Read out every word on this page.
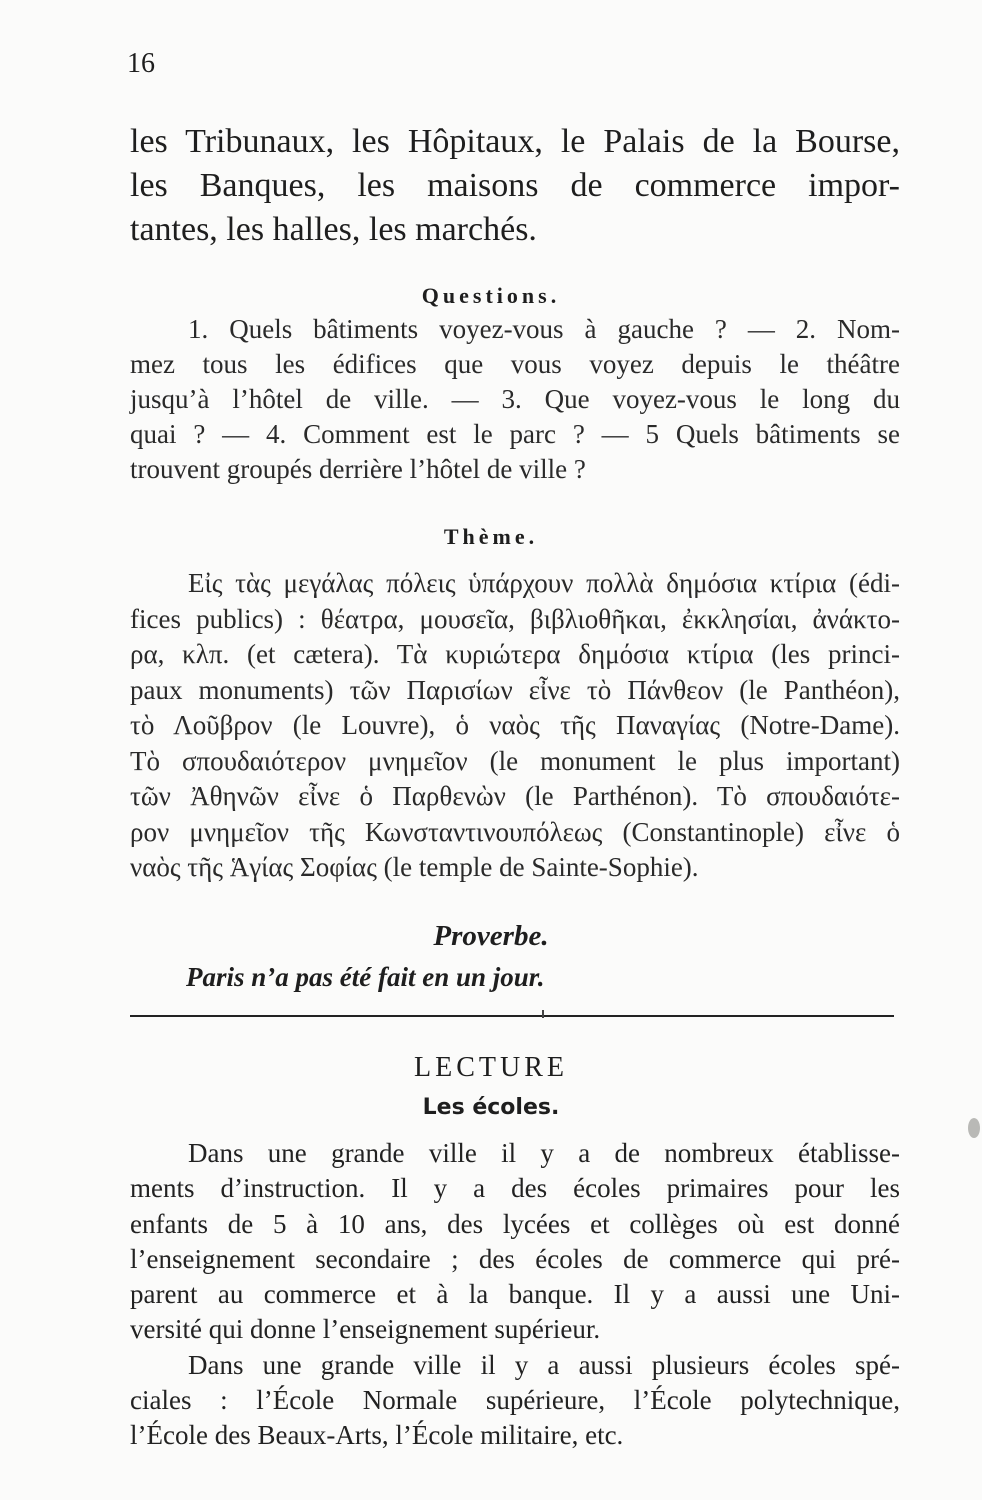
16

les Tribunaux, les Hôpitaux, le Palais de la Bourse,

les Banques, les maisons de commerce impor-

tantes, les halles, les marchés.

Questions.

1. Quels bâtiments voyez-vous à gauche ? — 2. Nom-

mez tous les édifices que vous voyez depuis le théâtre

jusqu’à l’hôtel de ville. — 3. Que voyez-vous le long du

quai ? — 4. Comment est le parc ? — 5 Quels bâtiments se

trouvent groupés derrière l’hôtel de ville ?

Thème.

Εἰς τὰς μεγάλας πόλεις ὑπάρχουν πολλὰ δημόσια κτίρια (édi-

fices publics) : θέατρα, μουσεῖα, βιβλιοθῆκαι, ἐκκλησίαι, ἀνάκτο-

ρα, κλπ. (et cætera). Τὰ κυριώτερα δημόσια κτίρια (les princi-

paux monuments) τῶν Παρισίων εἶνε τὸ Πάνθεον (le Panthéon),

τὸ Λοῦβρον (le Louvre), ὁ ναὸς τῆς Παναγίας (Notre-Dame).

Τὸ σπουδαιότερον μνημεῖον (le monument le plus important)

τῶν Ἀθηνῶν εἶνε ὁ Παρθενὼν (le Parthénon). Τὸ σπουδαιότε-

ρον μνημεῖον τῆς Κωνσταντινουπόλεως (Constantinople) εἶνε ὁ

ναὸς τῆς Ἁγίας Σοφίας (le temple de Sainte-Sophie).

Proverbe.

Paris n’a pas été fait en un jour.

LECTURE
Les écoles.

Dans une grande ville il y a de nombreux établisse-

ments d’instruction. Il y a des écoles primaires pour les

enfants de 5 à 10 ans, des lycées et collèges où est donné

l’enseignement secondaire ; des écoles de commerce qui pré-

parent au commerce et à la banque. Il y a aussi une Uni-

versité qui donne l’enseignement supérieur.

Dans une grande ville il y a aussi plusieurs écoles spé-

ciales : l’École Normale supérieure, l’École polytechnique,

l’École des Beaux-Arts, l’École militaire, etc.
